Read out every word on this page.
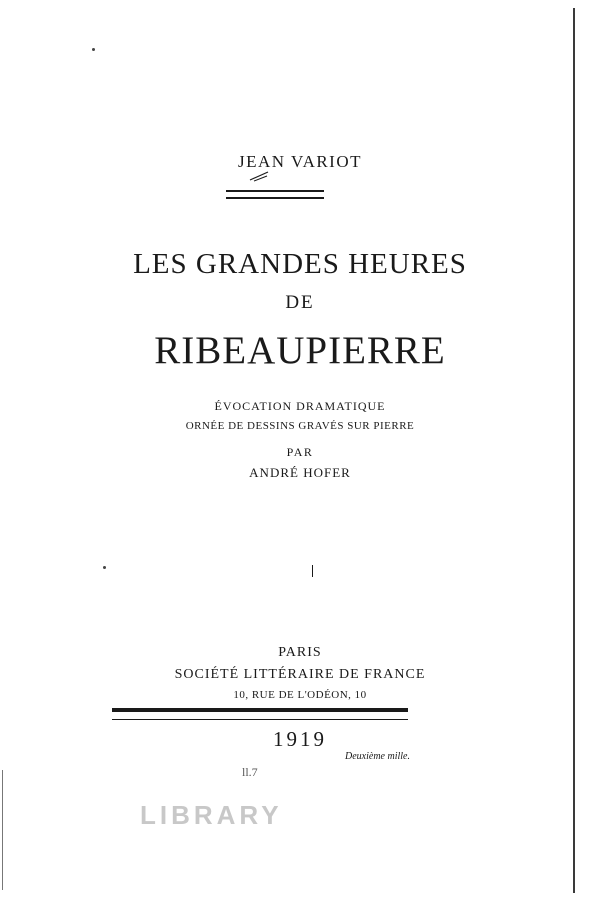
JEAN VARIOT
LES GRANDES HEURES
DE
RIBEAUPIERRE
ÉVOCATION DRAMATIQUE
ORNÉE DE DESSINS GRAVÉS SUR PIERRE
PAR
ANDRÉ HOFER
PARIS
SOCIÉTÉ LITTÉRAIRE DE FRANCE
10, RUE DE L'ODÉON, 10
1919
Deuxième mille.
ll.7
LIBRARY
